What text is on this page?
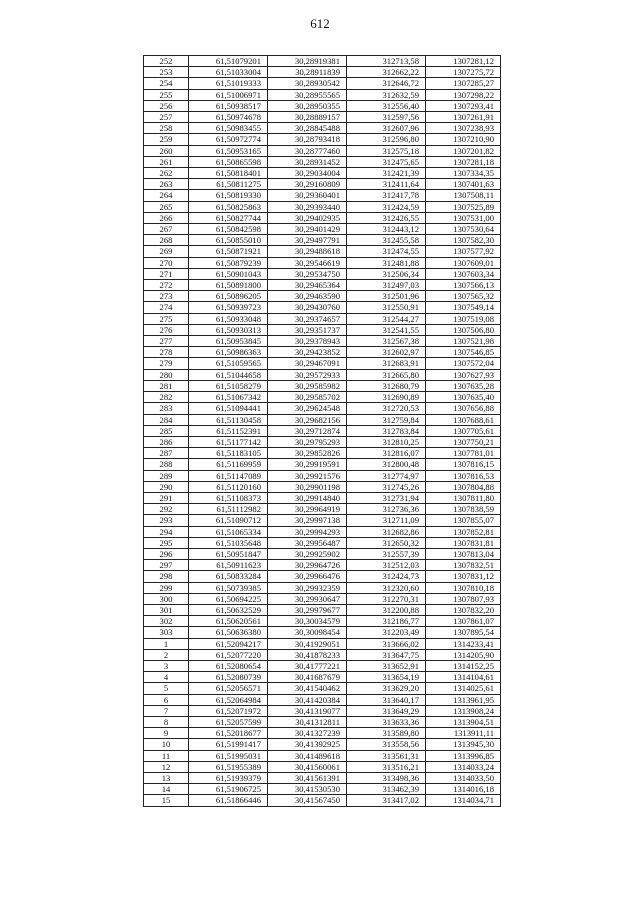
612
252	61,51079201	30,28919381	312713,58	1307281,12
253	61,51033004	30,28911839	312662,22	1307275,72
254	61,51019333	30,28930542	312646,72	1307285,27
255	61,51006971	30,28955565	312632,59	1307298,22
256	61,50938517	30,28950355	312556,40	1307293,41
257	61,50974678	30,28889157	312597,56	1307261,91
258	61,50983455	30,28845488	312607,96	1307238,93
259	61,50972774	30,28793418	312596,80	1307210,90
260	61,50953165	30,28777460	312575,18	1307201,82
261	61,50865598	30,28931452	312475,65	1307281,18
262	61,50818401	30,29034004	312421,39	1307334,35
263	61,50811275	30,29160809	312411,64	1307401,63
264	61,50819330	30,29360401	312417,78	1307508,11
265	61,50825863	30,29393440	312424,59	1307525,89
266	61,50827744	30,29402935	312426,55	1307531,00
267	61,50842598	30,29401429	312443,12	1307530,64
268	61,50855010	30,29497791	312455,58	1307582,30
269	61,50871921	30,29488618	312474,55	1307577,92
270	61,50879239	30,29546619	312481,88	1307609,01
271	61,50901043	30,29534750	312506,34	1307603,34
272	61,50891800	30,29465364	312497,03	1307566,13
273	61,50896205	30,29463590	312501,96	1307565,32
274	61,50939723	30,29430760	312550,91	1307549,14
275	61,50933048	30,29374657	312544,27	1307519,08
276	61,50930313	30,29351737	312541,55	1307506,80
277	61,50953845	30,29378943	312567,38	1307521,98
278	61,50986363	30,29423852	312602,97	1307546,85
279	61,51059565	30,29467091	312683,91	1307572,04
280	61,51044658	30,29572933	312665,80	1307627,93
281	61,51058279	30,29585982	312680,79	1307635,28
282	61,51067342	30,29585702	312690,89	1307635,40
283	61,51094441	30,29624548	312720,53	1307656,88
284	61,51130458	30,29682156	312759,84	1307688,61
285	61,51152391	30,29712874	312783,84	1307705,61
286	61,51177142	30,29795293	312810,25	1307750,21
287	61,51183105	30,29852826	312816,07	1307781,01
288	61,51169959	30,29919591	312800,48	1307816,15
289	61,51147089	30,29921576	312774,97	1307816,53
290	61,51120160	30,29901198	312745,26	1307804,88
291	61,51108373	30,29914840	312731,94	1307811,80
292	61,51112982	30,29964919	312736,36	1307838,59
293	61,51090712	30,29997138	312711,09	1307855,07
294	61,51065334	30,29994293	312682,86	1307852,81
295	61,51035648	30,29956487	312650,32	1307831,81
296	61,50951847	30,29925902	312557,39	1307813,04
297	61,50911623	30,29964726	312512,03	1307832,51
298	61,50833284	30,29966476	312424,73	1307831,12
299	61,50739385	30,29932359	312320,60	1307810,18
300	61,50694225	30,29930647	312270,31	1307807,93
301	61,50632529	30,29979677	312200,88	1307832,20
302	61,50620561	30,30034579	312186,77	1307861,07
303	61,50636380	30,30098454	312203,49	1307895,54
1	61,52094217	30,41929051	313666,02	1314233,41
2	61,52077220	30,41878233	313647,75	1314205,90
3	61,52080654	30,41777221	313652,91	1314152,25
4	61,52080739	30,41687679	313654,19	1314104,61
5	61,52056571	30,41540462	313629,20	1314025,61
6	61,52064984	30,41420384	313640,17	1313961,95
7	61,52071972	30,41319077	313649,29	1313908,24
8	61,52057599	30,41312811	313633,36	1313904,51
9	61,52018677	30,41327239	313589,80	1313911,11
10	61,51991417	30,41392925	313558,56	1313945,30
11	61,51995031	30,41489618	313561,31	1313996,85
12	61,51955389	30,41560061	313516,21	1314033,24
13	61,51939379	30,41561391	313498,36	1314033,50
14	61,51906725	30,41530530	313462,39	1314016,18
15	61,51866446	30,41567450	313417,02	1314034,71
